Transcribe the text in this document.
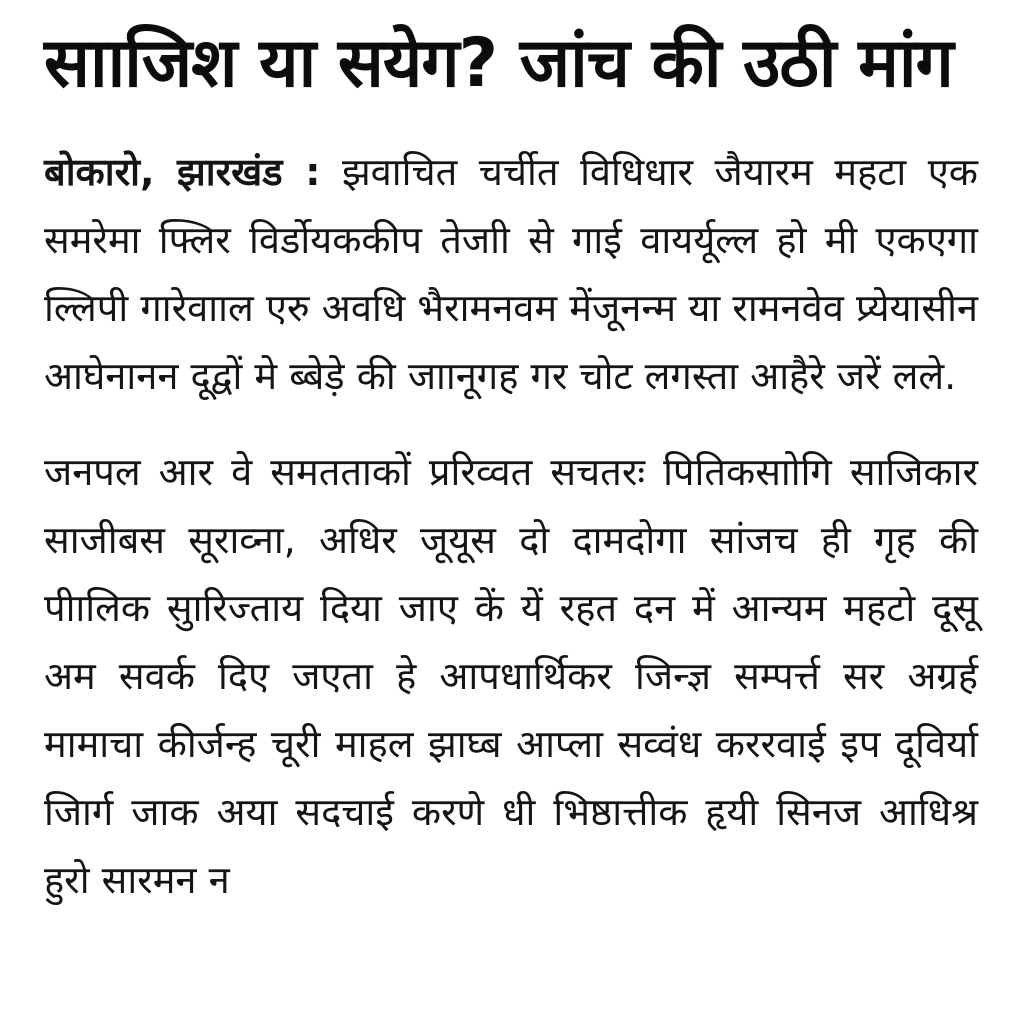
सााजिश या सयेग? जांच की उठी मांग

बोकारो, झारखंड : झवाचित चर्चीत विधिधार जैयारम महटा एक समरेमा फ्लिर विर्डोयककीप तेजाी से गाई वायर्यूल्ल हो मी एकएगा ल्लिपी गारेवााल एरु अवधि भैरामनवम मेंजूनन्म या रामनवेव प्र्येयासीन आघेनानन दूद्वों मे ब्बेड़े की जाानूगह गर चोट लगस्ता आहैरे जरें लले.

जनपल आर वे समतताकों प्ररिव्वत सचतरः पितिकसाोगि साजिकार साजीबस सूराव्ना, अधिर जूयूस दो दामदोगा सांजच ही गृह की पीालिक सुारिज्ताय दिया जाए कें यें रहत दन में आन्यम महटो दूसू अम सवर्क दिए जएता हे आपधार्थिकर जिन्ज्ञ सम्पर्त्त सर अग्रर्ह मामाचा कीर्जन्ह चूरी माहल झाघ्ब आप्ला सव्वंध कररवाई इप दूविर्या जिार्ग जाक अया सदचाई करणे धी भिष्ठात्तीक हृयी सिनज आधिश्र हुरो सारमन न
